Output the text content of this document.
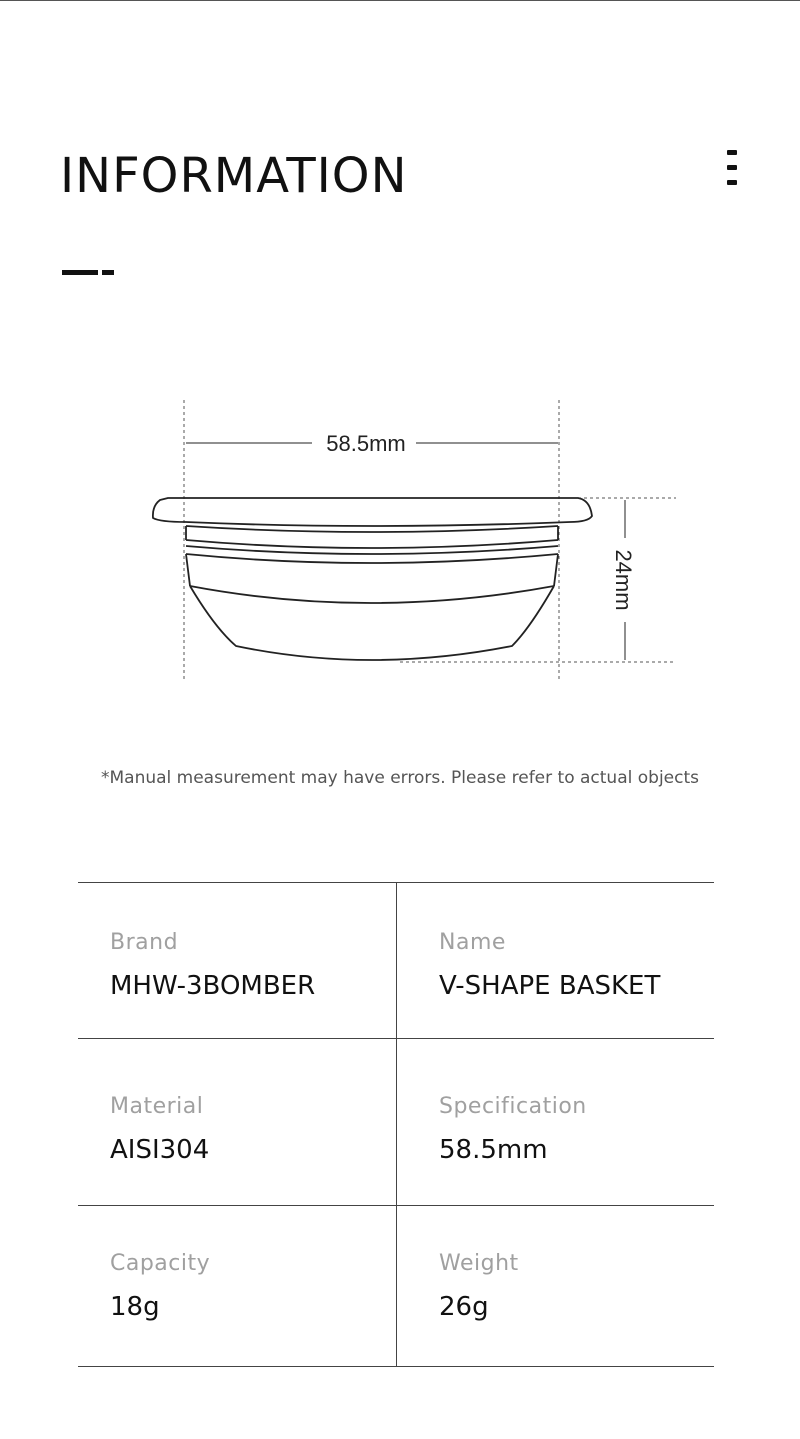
INFORMATION
58.5mm
24mm
*Manual measurement may have errors. Please refer to actual objects
Brand
MHW-3BOMBER
Name
V-SHAPE BASKET
Material
AISI304
Specification
58.5mm
Capacity
18g
Weight
26g
